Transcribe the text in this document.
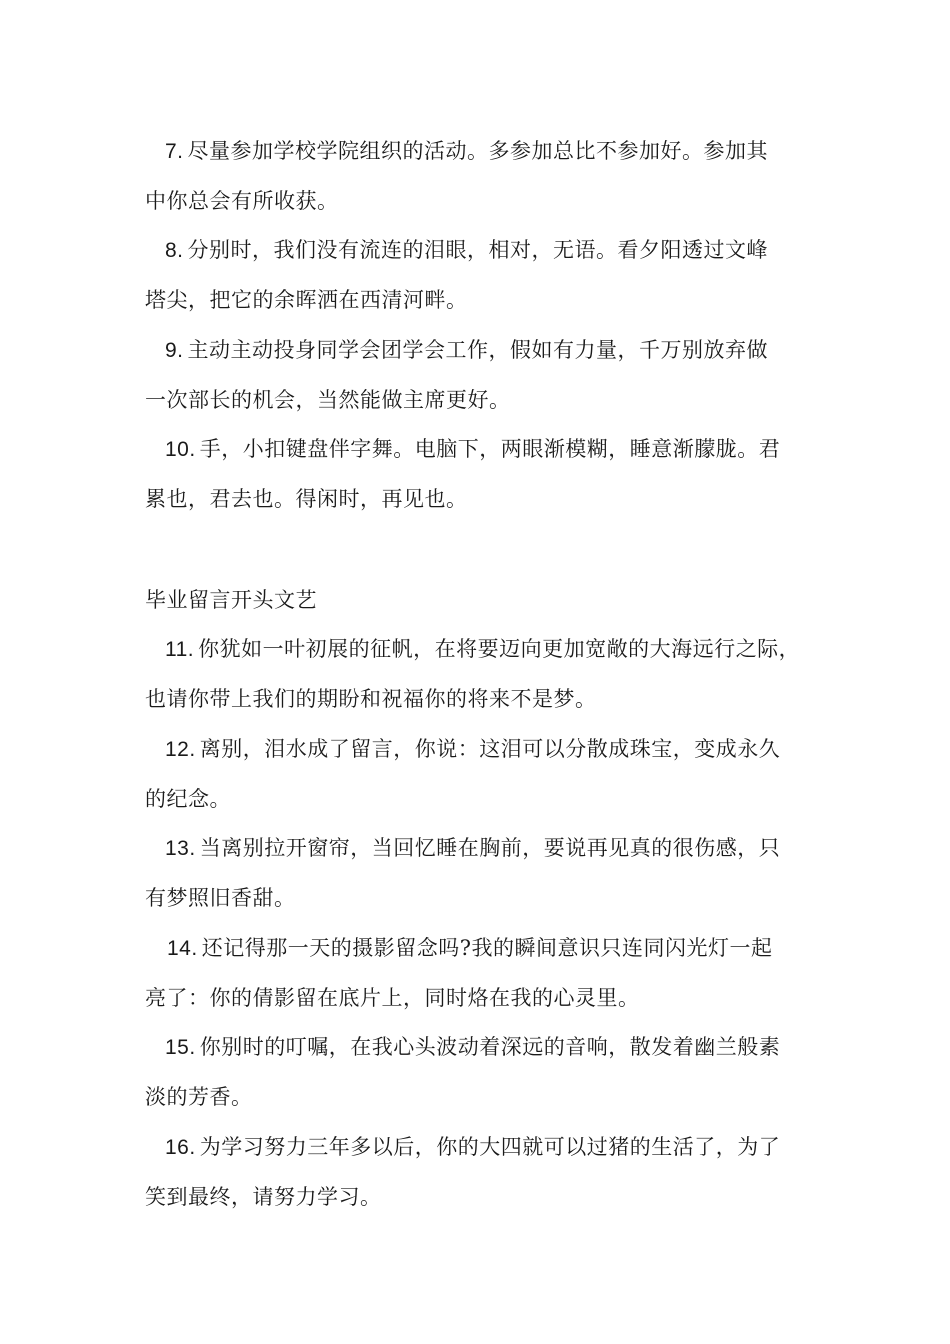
7. 尽量参加学校学院组织的活动。多参加总比不参加好。参加其
中你总会有所收获。
8. 分别时，我们没有流连的泪眼，相对，无语。看夕阳透过文峰
塔尖，把它的余晖洒在西清河畔。
9. 主动主动投身同学会团学会工作，假如有力量，千万别放弃做
一次部长的机会，当然能做主席更好。
10. 手，小扣键盘伴字舞。电脑下，两眼渐模糊，睡意渐朦胧。君
累也，君去也。得闲时，再见也。
毕业留言开头文艺
11. 你犹如一叶初展的征帆，在将要迈向更加宽敞的大海远行之际，
也请你带上我们的期盼和祝福你的将来不是梦。
12. 离别，泪水成了留言，你说：这泪可以分散成珠宝，变成永久
的纪念。
13. 当离别拉开窗帘，当回忆睡在胸前，要说再见真的很伤感，只
有梦照旧香甜。
14. 还记得那一天的摄影留念吗?我的瞬间意识只连同闪光灯一起
亮了：你的倩影留在底片上，同时烙在我的心灵里。
15. 你别时的叮嘱，在我心头波动着深远的音响，散发着幽兰般素
淡的芳香。
16. 为学习努力三年多以后，你的大四就可以过猪的生活了，为了
笑到最终，请努力学习。
